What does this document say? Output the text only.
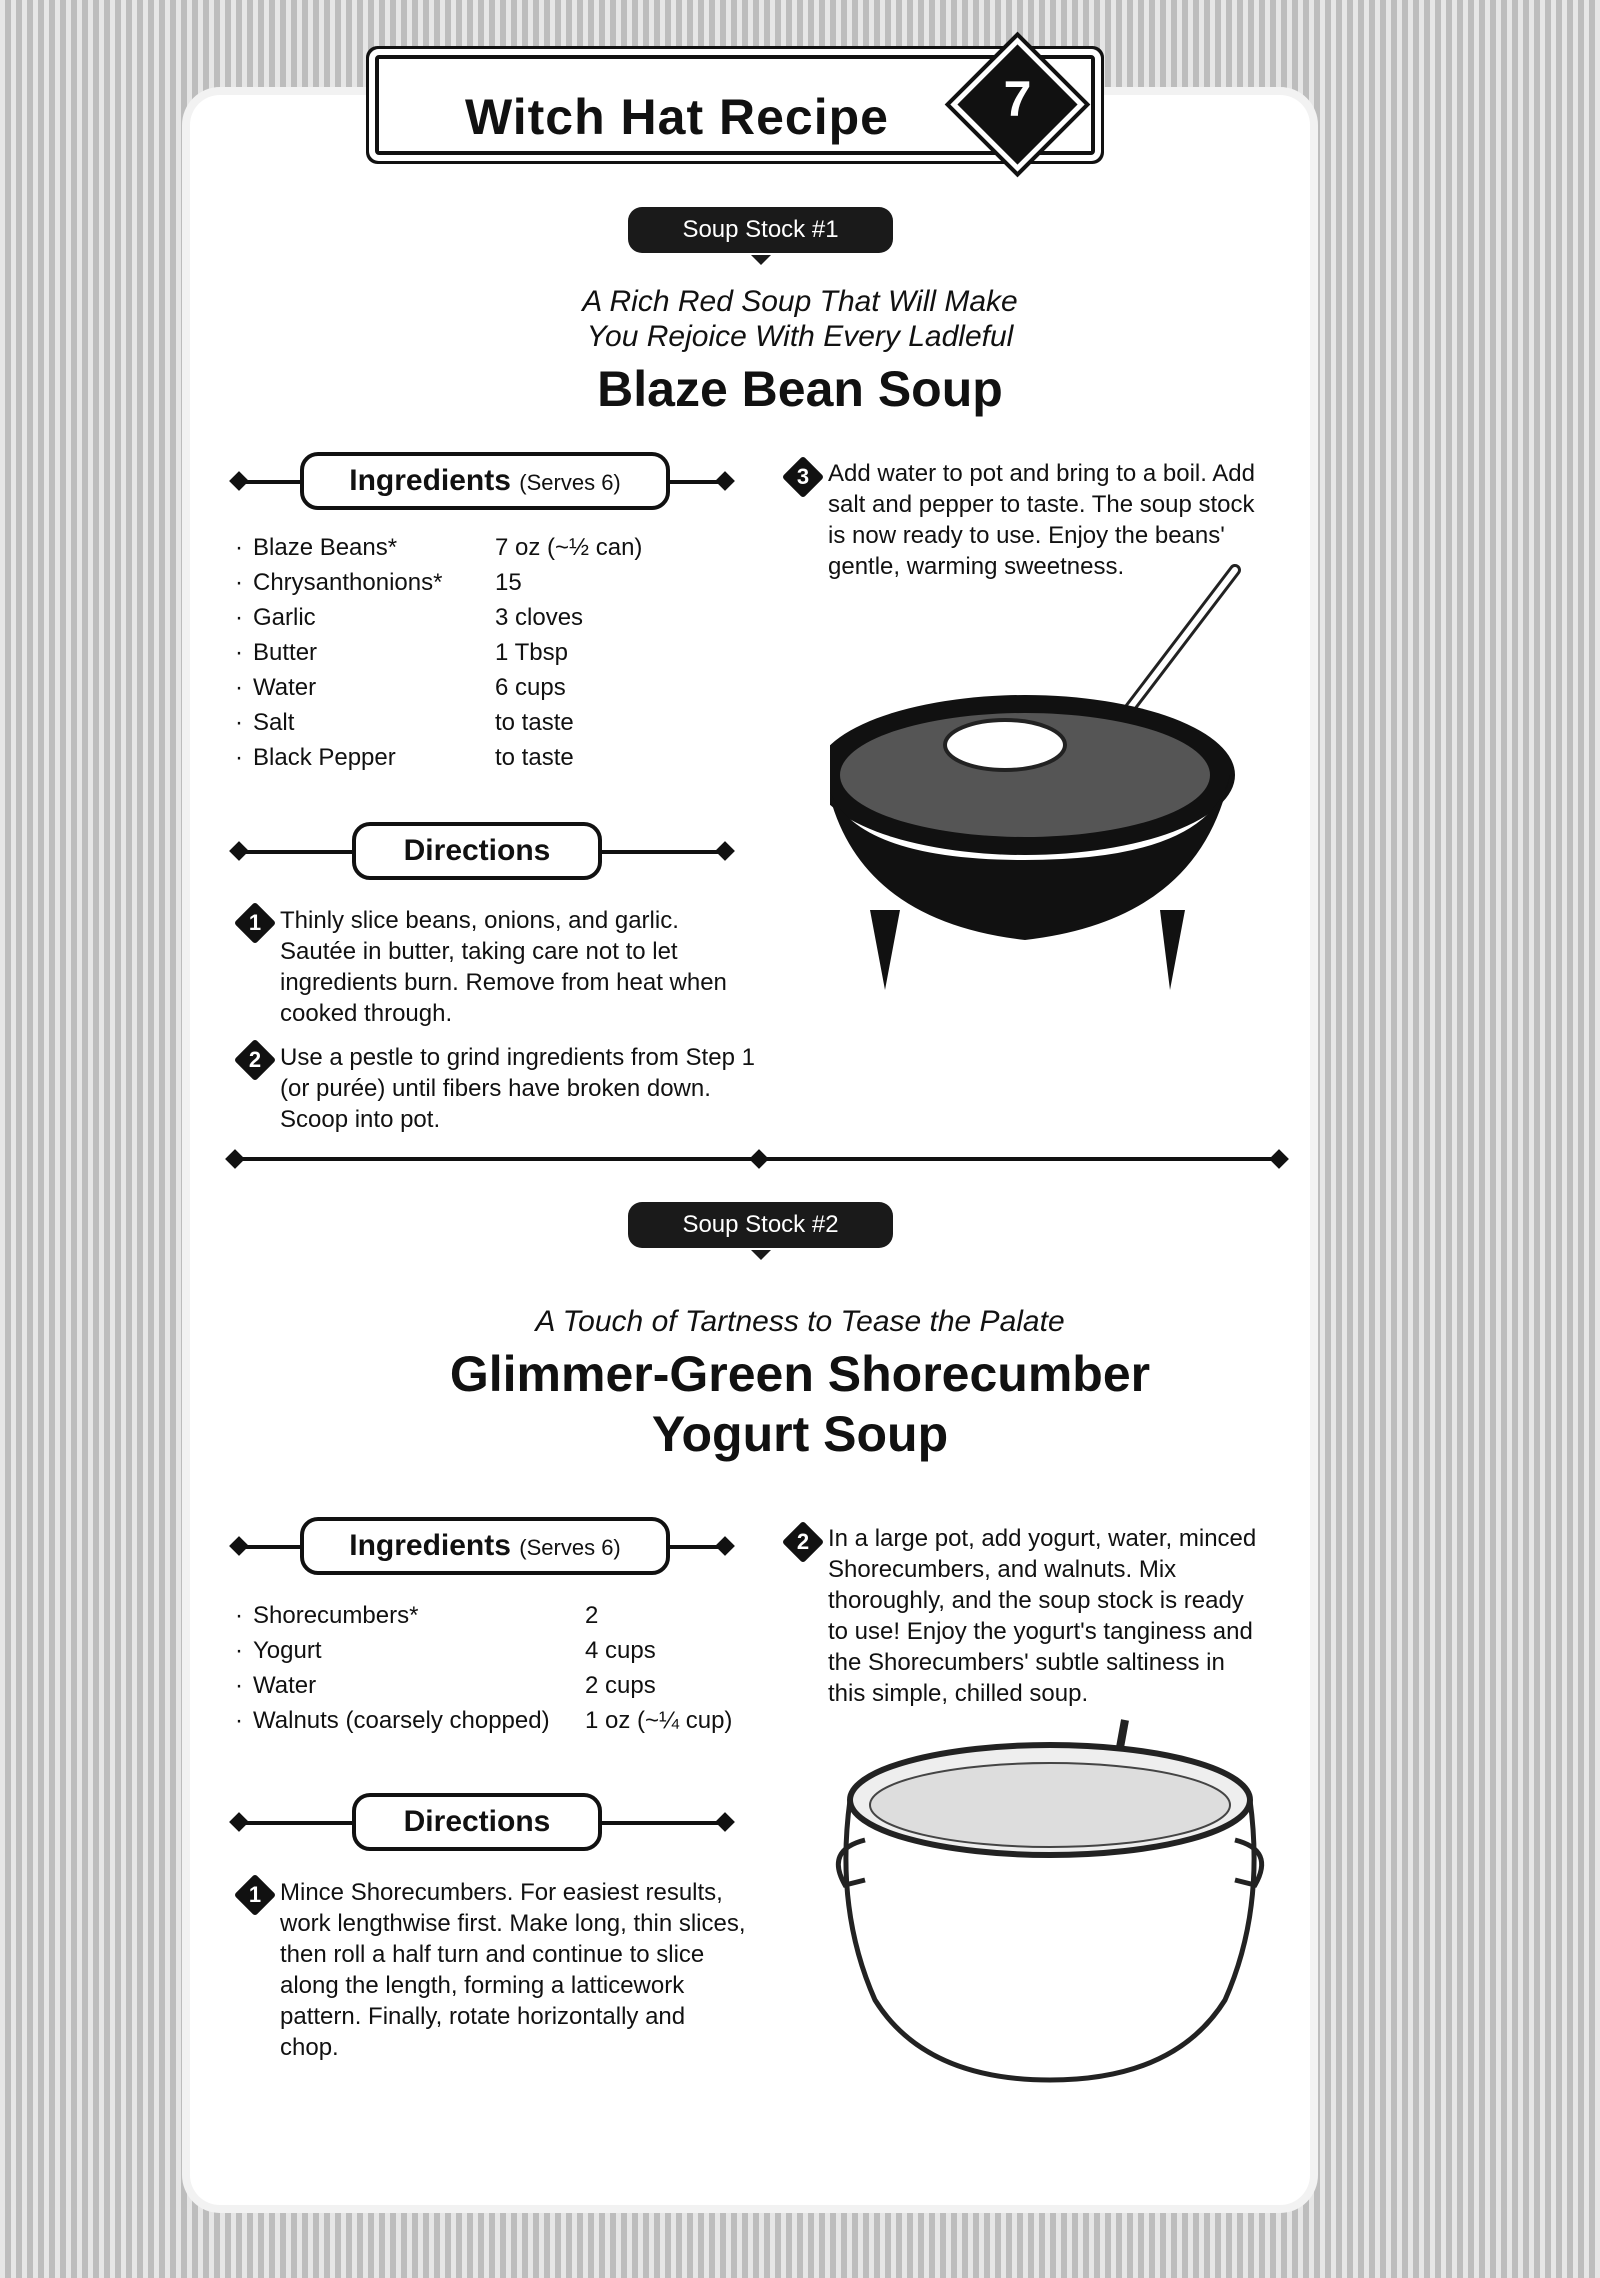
Witch Hat Recipe	7
Soup Stock #1
A Rich Red Soup That Will Make
You Rejoice With Every Ladleful
Blaze Bean Soup
Ingredients (Serves 6)
· Blaze Beans*	7 oz (~½ can)
· Chrysanthonions*	15
· Garlic	3 cloves
· Butter	1 Tbsp
· Water	6 cups
· Salt	to taste
· Black Pepper	to taste
Directions
1 Thinly slice beans, onions, and garlic. Sautée in butter, taking care not to let ingredients burn. Remove from heat when cooked through.
2 Use a pestle to grind ingredients from Step 1 (or purée) until fibers have broken down. Scoop into pot.
3 Add water to pot and bring to a boil. Add salt and pepper to taste. The soup stock is now ready to use. Enjoy the beans' gentle, warming sweetness.
Soup Stock #2
A Touch of Tartness to Tease the Palate
Glimmer-Green Shorecumber
Yogurt Soup
Ingredients (Serves 6)
· Shorecumbers*	2
· Yogurt	4 cups
· Water	2 cups
· Walnuts (coarsely chopped)	1 oz (~¼ cup)
Directions
1 Mince Shorecumbers. For easiest results, work lengthwise first. Make long, thin slices, then roll a half turn and continue to slice along the length, forming a latticework pattern. Finally, rotate horizontally and chop.
2 In a large pot, add yogurt, water, minced Shorecumbers, and walnuts. Mix thoroughly, and the soup stock is ready to use! Enjoy the yogurt's tanginess and the Shorecumbers' subtle saltiness in this simple, chilled soup.
